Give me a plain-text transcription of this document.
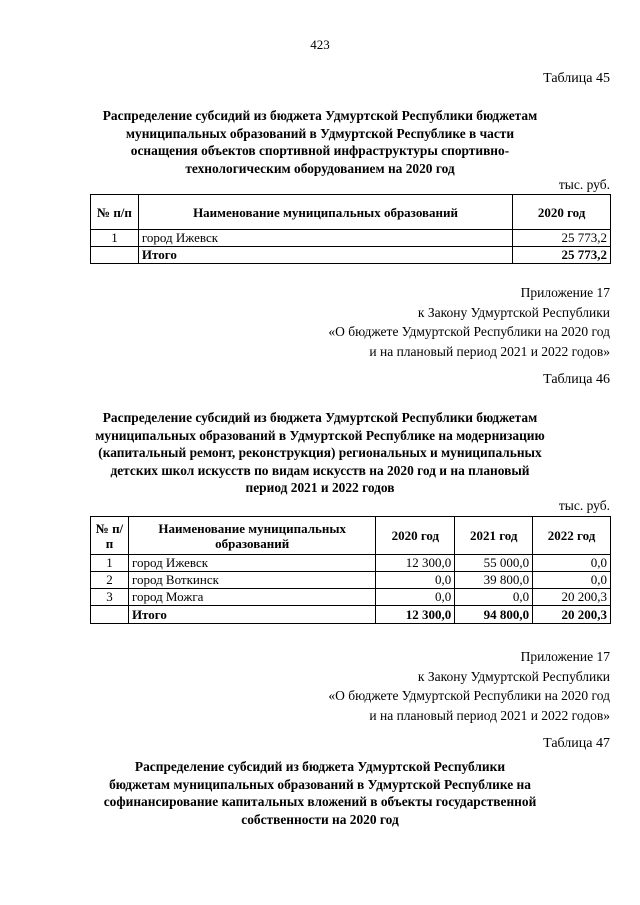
423
Таблица 45
Распределение субсидий из бюджета Удмуртской Республики бюджетам
муниципальных образований в Удмуртской Республике в части
оснащения объектов спортивной инфраструктуры спортивно-
технологическим оборудованием на 2020 год
тыс. руб.
№ п/п	Наименование муниципальных образований	2020 год
1	город Ижевск	25 773,2
	Итого	25 773,2
Приложение 17
к Закону Удмуртской Республики
«О бюджете Удмуртской Республики на 2020 год
и на плановый период 2021 и 2022 годов»
Таблица 46
Распределение субсидий из бюджета Удмуртской Республики бюджетам
муниципальных образований в Удмуртской Республике на модернизацию
(капитальный ремонт, реконструкция) региональных и муниципальных
детских школ искусств по видам искусств на 2020 год и на плановый
период 2021 и 2022 годов
тыс. руб.
№ п/п	Наименование муниципальных образований	2020 год	2021 год	2022 год
1	город Ижевск	12 300,0	55 000,0	0,0
2	город Воткинск	0,0	39 800,0	0,0
3	город Можга	0,0	0,0	20 200,3
	Итого	12 300,0	94 800,0	20 200,3
Приложение 17
к Закону Удмуртской Республики
«О бюджете Удмуртской Республики на 2020 год
и на плановый период 2021 и 2022 годов»
Таблица 47
Распределение субсидий из бюджета Удмуртской Республики
бюджетам муниципальных образований в Удмуртской Республике на
софинансирование капитальных вложений в объекты государственной
собственности на 2020 год
